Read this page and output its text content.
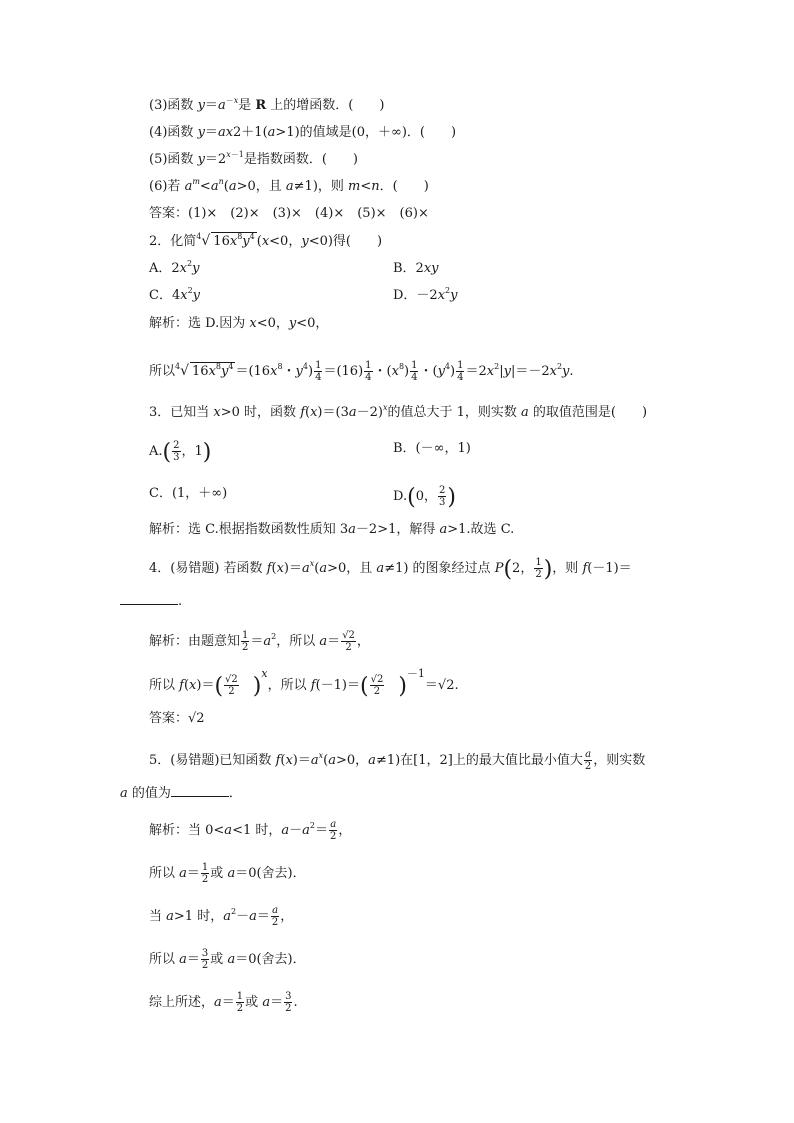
(3)函数 $y=a^{-x}$是 R 上的增函数．(　　)
(4)函数 y＝ax2＋1(a>1)的值域是(0，＋∞)．(　　)
(5)函数 $y=2^{x-1}$是指数函数．(　　)
(6)若 $a^m<a^n(a>0$，且 a≠1)，则 m<n．(　　)
答案：(1)×　(2)×　(3)×　(4)×　(5)×　(6)×
2．化简$^4$√ $16x^8y^4$ (x<0，y<0)得(　　)
A．$2x^2y$	B．2xy
C．$4x^2y$	D．$-2x^2y$
解析：选 D.因为 x<0，y<0，
所以$^4$√ $16x^8y^4 =(16x^8$・$y^4) \frac{1}{4} =(16) \frac{1}{4}$ ・$(x^8) \frac{1}{4}$ ・$(y^4) \frac{1}{4} =2x^2|y|=-2x^2y$.
3．已知当 x>0 时，函数 $f(x)=(3a-2)^x$的值总大于 1，则实数 a 的取值范围是(　　)
$A.( \frac{2}{3}$ ，1)	B．(－∞，1)
C．(1，＋∞)	D.(0， $\frac{2}{3}$ )
解析：选 C.根据指数函数性质知 3a－2>1，解得 a>1.故选 C.
4．(易错题) 若函数 $f(x)=a^x(a>0$，且 a≠1) 的图象经过点 P(2， $\frac{1}{2}$ )，则 f(－1)＝
.
解析：由题意知 $\frac{1}{2} =a^2$，所以 $a= \frac{√2}{2}$ ，
所以 $f(x)=( \frac{√2}{2}$
　 )$^x$，所以 $f(-1)=( \frac{√2}{2}$
　 )$^{-1}$＝√2.
答案：√2
5．(易错题)已知函数 $f(x)=a^x(a>0$，a≠1)在[1，2]上的最大值比最小值大 $\frac{a}{2}$ ，则实数
a 的值为	．
解析：当 0<a<1 时，$a-a^2= \frac{a}{2}$ ，
所以 $a= \frac{1}{2}$ 或 a＝0(舍去)．
当 a>1 时，$a^2-a= \frac{a}{2}$ ，
所以 $a= \frac{3}{2}$ 或 a＝0(舍去)．
综上所述，$a= \frac{1}{2}$ 或 $a= \frac{3}{2}$ .
